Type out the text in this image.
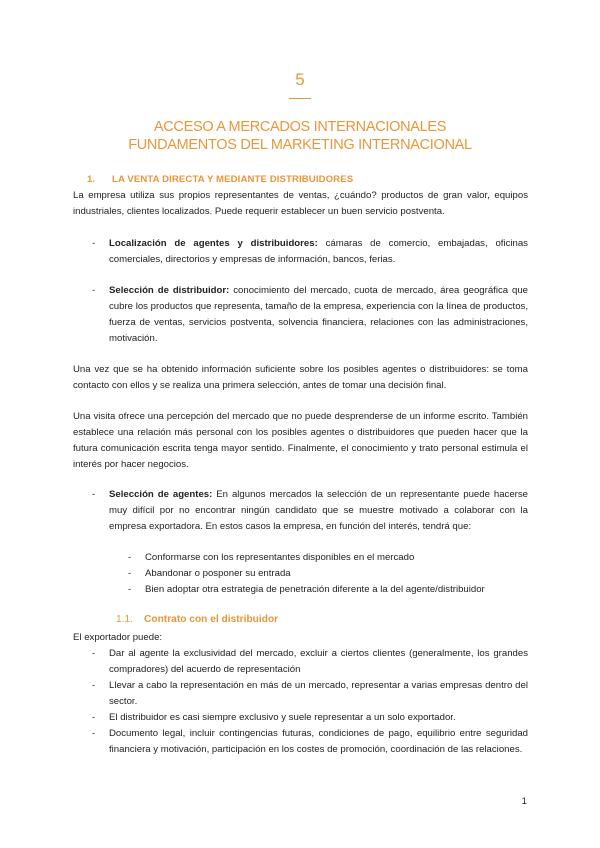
5
ACCESO A MERCADOS INTERNACIONALES
FUNDAMENTOS DEL MARKETING INTERNACIONAL
1. LA VENTA DIRECTA Y MEDIANTE DISTRIBUIDORES

La empresa utiliza sus propios representantes de ventas, ¿cuándo? productos de gran valor, equipos industriales, clientes localizados. Puede requerir establecer un buen servicio postventa.

- Localización de agentes y distribuidores: cámaras de comercio, embajadas, oficinas comerciales, directorios y empresas de información, bancos, ferias.

- Selección de distribuidor: conocimiento del mercado, cuota de mercado, área geográfica que cubre los productos que representa, tamaño de la empresa, experiencia con la línea de productos, fuerza de ventas, servicios postventa, solvencia financiera, relaciones con las administraciones, motivación.

Una vez que se ha obtenido información suficiente sobre los posibles agentes o distribuidores: se toma contacto con ellos y se realiza una primera selección, antes de tomar una decisión final.

Una visita ofrece una percepción del mercado que no puede desprenderse de un informe escrito. También establece una relación más personal con los posibles agentes o distribuidores que pueden hacer que la futura comunicación escrita tenga mayor sentido. Finalmente, el conocimiento y trato personal estimula el interés por hacer negocios.

- Selección de agentes: En algunos mercados la selección de un representante puede hacerse muy difícil por no encontrar ningún candidato que se muestre motivado a colaborar con la empresa exportadora. En estos casos la empresa, en función del interés, tendrá que:

- Conformarse con los representantes disponibles en el mercado
- Abandonar o posponer su entrada
- Bien adoptar otra estrategia de penetración diferente a la del agente/distribuidor
1.1. Contrato con el distribuidor

El exportador puede:

- Dar al agente la exclusividad del mercado, excluir a ciertos clientes (generalmente, los grandes compradores) del acuerdo de representación

- Llevar a cabo la representación en más de un mercado, representar a varias empresas dentro del sector.

- El distribuidor es casi siempre exclusivo y suele representar a un solo exportador.

- Documento legal, incluir contingencias futuras, condiciones de pago, equilibrio entre seguridad financiera y motivación, participación en los costes de promoción, coordinación de las relaciones.

1
